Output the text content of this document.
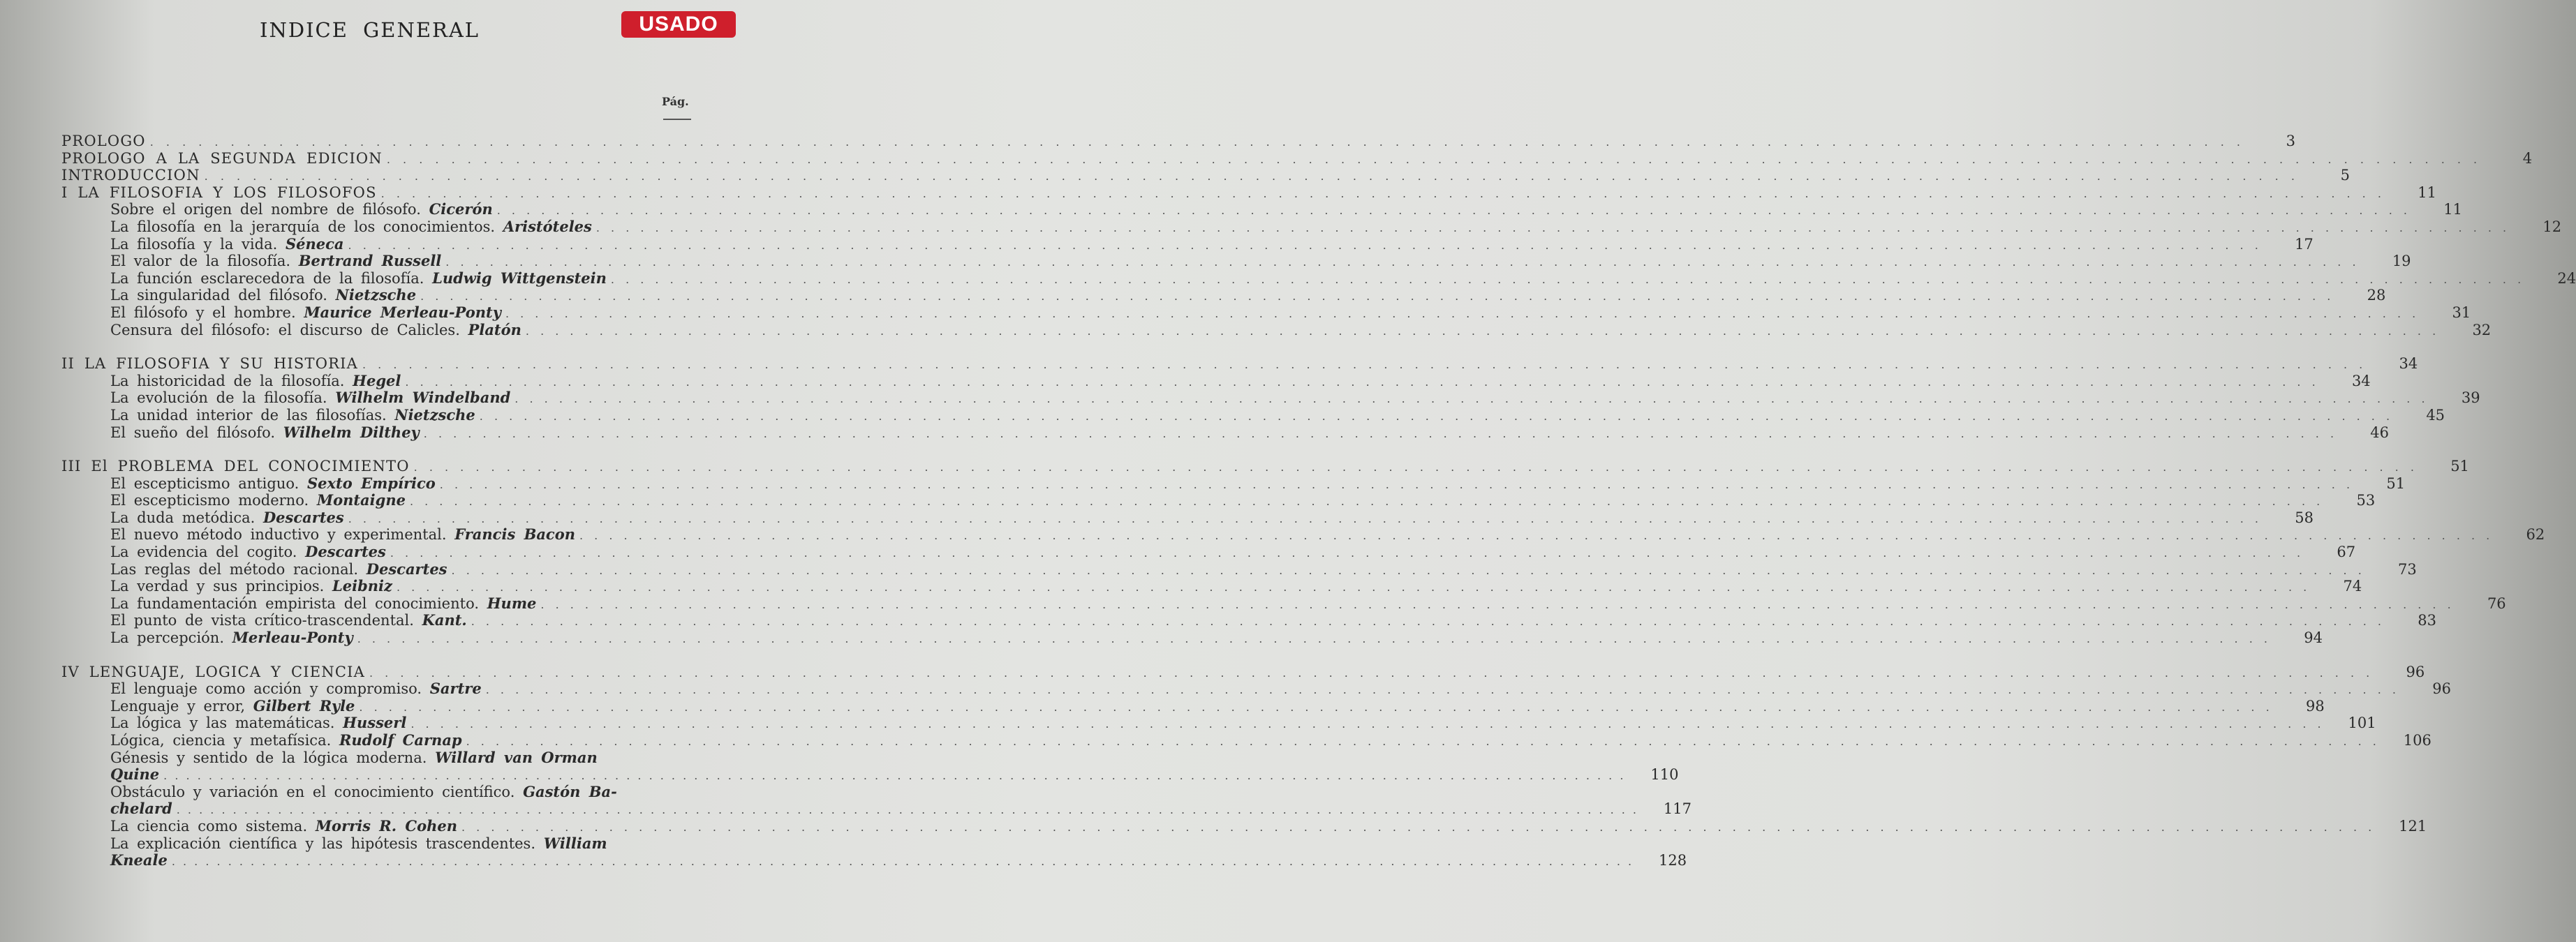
USADO
INDICE GENERAL
Pág.
PROLOGO . . .	3
PROLOGO A LA SEGUNDA EDICION . . .	4
INTRODUCCION . . .	5
I LA FILOSOFIA Y LOS FILOSOFOS . . .	11
Sobre el origen del nombre de filósofo. Cicerón . . .	11
La filosofía en la jerarquía de los conocimientos. Aristóteles . . .	12
La filosofía y la vida. Séneca . . .	17
El valor de la filosofía. Bertrand Russell . . .	19
La función esclarecedora de la filosofía. Ludwig Wittgenstein . . .	24
La singularidad del filósofo. Nietzsche . . .	28
El filósofo y el hombre. Maurice Merleau-Ponty . . .	31
Censura del filósofo: el discurso de Calicles. Platón . . .	32
II LA FILOSOFIA Y SU HISTORIA . . .	34
La historicidad de la filosofía. Hegel . . .	34
La evolución de la filosofía. Wilhelm Windelband . . .	39
La unidad interior de las filosofías. Nietzsche . . .	45
El sueño del filósofo. Wilhelm Dilthey . . .	46
III El PROBLEMA DEL CONOCIMIENTO . . .	51
El escepticismo antiguo. Sexto Empírico . . .	51
El escepticismo moderno. Montaigne . . .	53
La duda metódica. Descartes . . .	58
El nuevo método inductivo y experimental. Francis Bacon . . .	62
La evidencia del cogito. Descartes . . .	67
Las reglas del método racional. Descartes . . .	73
La verdad y sus principios. Leibniz . . .	74
La fundamentación empirista del conocimiento. Hume . . .	76
El punto de vista crítico-trascendental. Kant. . . .	83
La percepción. Merleau-Ponty . . .	94
IV LENGUAJE, LOGICA Y CIENCIA . . .	96
El lenguaje como acción y compromiso. Sartre . . .	96
Lenguaje y error, Gilbert Ryle . . .	98
La lógica y las matemáticas. Husserl . . .	101
Lógica, ciencia y metafísica. Rudolf Carnap . . .	106
Génesis y sentido de la lógica moderna. Willard van Orman
Quine . . .	110
Obstáculo y variación en el conocimiento científico. Gastón Ba-
chelard . . .	117
La ciencia como sistema. Morris R. Cohen . . .	121
La explicación científica y las hipótesis trascendentes. William
Kneale . . .	128
